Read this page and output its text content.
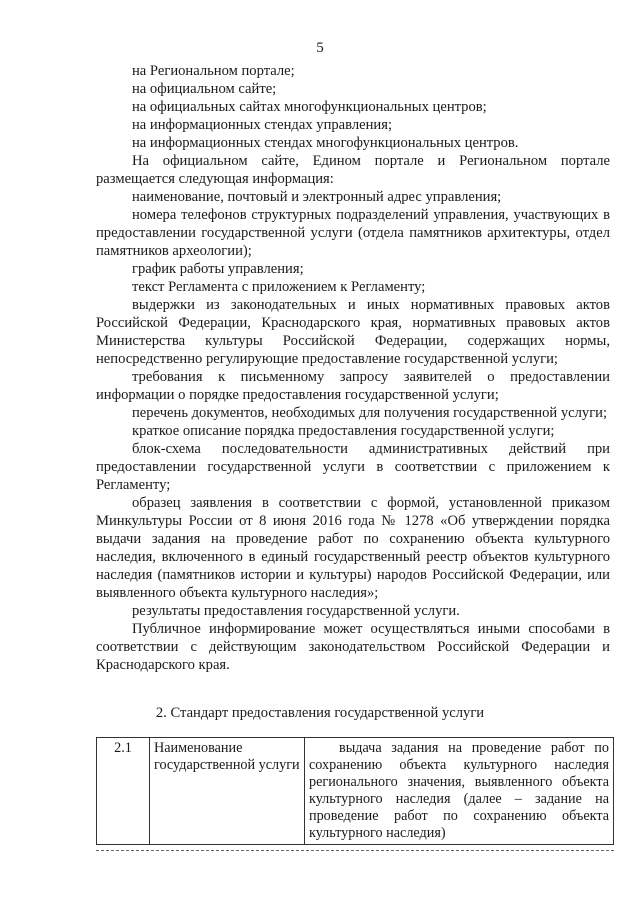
5

на Региональном портале;

на официальном сайте;

на официальных сайтах многофункциональных центров;

на информационных стендах управления;

на информационных стендах многофункциональных центров.

На официальном сайте, Едином портале и Региональном портале размещается следующая информация:

наименование, почтовый и электронный адрес управления;

номера телефонов структурных подразделений управления, участвующих в предоставлении государственной услуги (отдела памятников архитектуры, отдел памятников археологии);

график работы управления;

текст Регламента с приложением к Регламенту;

выдержки из законодательных и иных нормативных правовых актов Российской Федерации, Краснодарского края, нормативных правовых актов Министерства культуры Российской Федерации, содержащих нормы, непосредственно регулирующие предоставление государственной услуги;

требования к письменному запросу заявителей о предоставлении информации о порядке предоставления государственной услуги;

перечень документов, необходимых для получения государственной услуги;

краткое описание порядка предоставления государственной услуги;

блок-схема последовательности административных действий при предоставлении государственной услуги в соответствии с приложением к Регламенту;

образец заявления в соответствии с формой, установленной приказом Минкультуры России от 8 июня 2016 года № 1278 «Об утверждении порядка выдачи задания на проведение работ по сохранению объекта культурного наследия, включенного в единый государственный реестр объектов культурного наследия (памятников истории и культуры) народов Российской Федерации, или выявленного объекта культурного наследия»;

результаты предоставления государственной услуги.

Публичное информирование может осуществляться иными способами в соответствии с действующим законодательством Российской Федерации и Краснодарского края.

2. Стандарт предоставления государственной услуги
2.1	Наименование государственной услуги	выдача задания на проведение работ по сохранению объекта культурного наследия регионального значения, выявленного объекта культурного наследия (далее – задание на проведение работ по сохранению объекта культурного наследия)
